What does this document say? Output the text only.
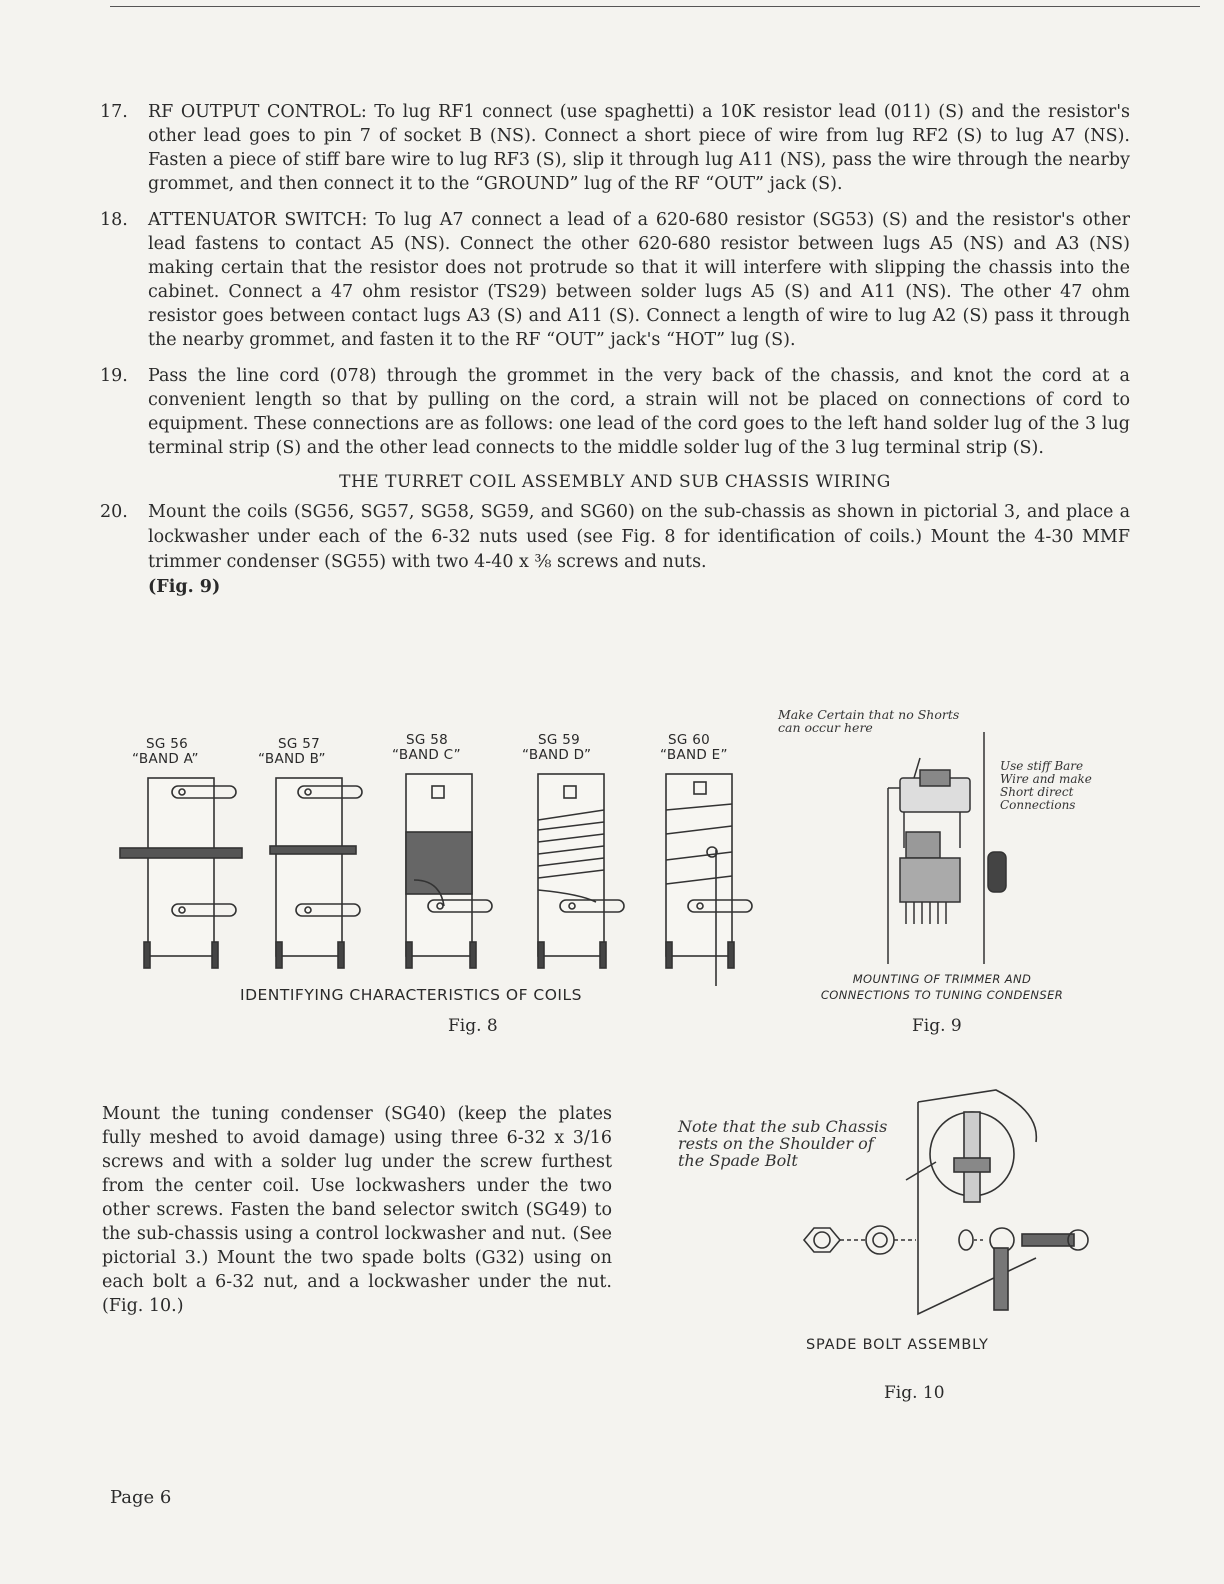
17.	RF OUTPUT CONTROL: To lug RF1 connect (use spaghetti) a 10K resistor lead (011) (S) and the resistor's other lead goes to pin 7 of socket B (NS). Connect a short piece of wire from lug RF2 (S) to lug A7 (NS). Fasten a piece of stiff bare wire to lug RF3 (S), slip it through lug A11 (NS), pass the wire through the nearby grommet, and then connect it to the “GROUND” lug of the RF “OUT” jack (S).
18.	ATTENUATOR SWITCH: To lug A7 connect a lead of a 620-680 resistor (SG53) (S) and the resistor's other lead fastens to contact A5 (NS). Connect the other 620-680 resistor between lugs A5 (NS) and A3 (NS) making certain that the resistor does not protrude so that it will interfere with slipping the chassis into the cabinet. Connect a 47 ohm resistor (TS29) between solder lugs A5 (S) and A11 (NS). The other 47 ohm resistor goes between contact lugs A3 (S) and A11 (S). Connect a length of wire to lug A2 (S) pass it through the nearby grommet, and fasten it to the RF “OUT” jack's “HOT” lug (S).
19.	Pass the line cord (078) through the grommet in the very back of the chassis, and knot the cord at a convenient length so that by pulling on the cord, a strain will not be placed on connections of cord to equipment. These connections are as follows: one lead of the cord goes to the left hand solder lug of the 3 lug terminal strip (S) and the other lead connects to the middle solder lug of the 3 lug terminal strip (S).
THE TURRET COIL ASSEMBLY AND SUB CHASSIS WIRING
20.	Mount the coils (SG56, SG57, SG58, SG59, and SG60) on the sub-chassis as shown in pictorial 3, and place a lockwasher under each of the 6-32 nuts used (see Fig. 8 for identification of coils.) Mount the 4-30 MMF trimmer condenser (SG55) with two 4-40 x ⅜ screws and nuts.
(Fig. 9)
SG 56
“BAND A”
SG 57
“BAND B”
SG 58
“BAND C”
SG 59
“BAND D”
SG 60
“BAND E”
IDENTIFYING CHARACTERISTICS OF COILS
Fig. 8
Make Certain that no Shorts can occur here
Use stiff Bare Wire and make Short direct Connections
MOUNTING OF TRIMMER AND
CONNECTIONS TO TUNING CONDENSER
Fig. 9
Mount the tuning condenser (SG40) (keep the plates fully meshed to avoid damage) using three 6-32 x 3/16 screws and with a solder lug under the screw furthest from the center coil. Use lockwashers under the two other screws. Fasten the band selector switch (SG49) to the sub-chassis using a control lockwasher and nut. (See pictorial 3.) Mount the two spade bolts (G32) using on each bolt a 6-32 nut, and a lockwasher under the nut. (Fig. 10.)
Note that the sub Chassis rests on the Shoulder of the Spade Bolt
SPADE BOLT ASSEMBLY
Fig. 10
Page 6
